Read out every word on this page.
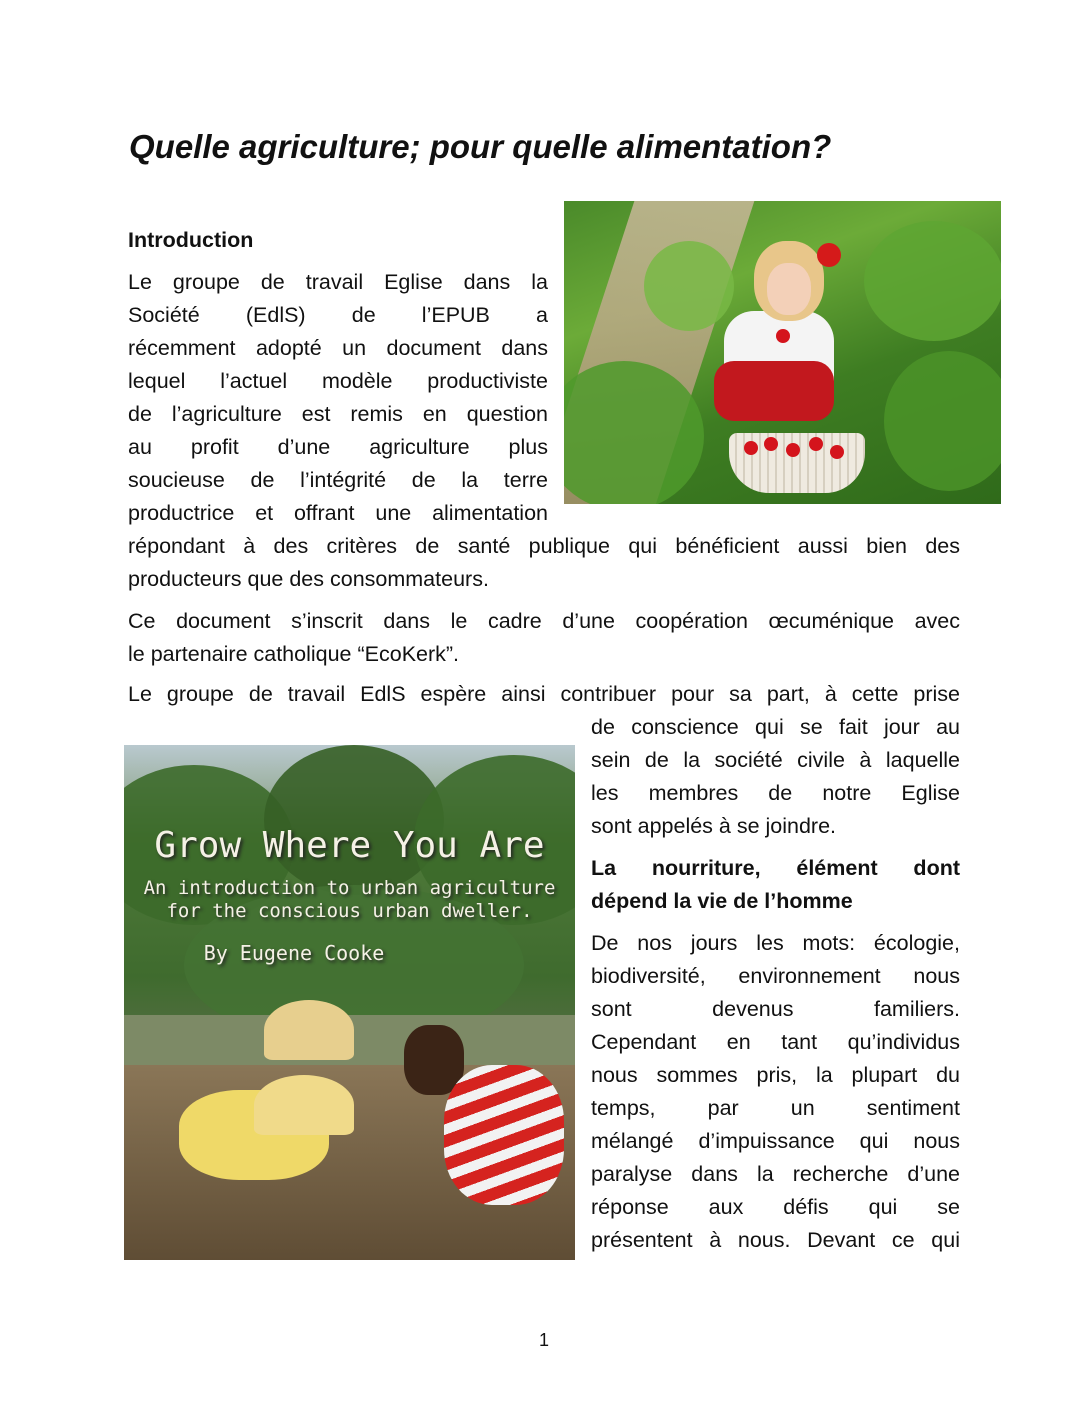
Quelle agriculture; pour quelle alimentation?
Introduction
Le groupe de travail Eglise dans la
Société (EdlS) de l’EPUB a
récemment adopté un document dans
lequel l’actuel modèle productiviste
de l’agriculture est remis en question
au profit d’une agriculture plus
soucieuse de l’intégrité de la terre
productrice et offrant une alimentation
répondant à des critères de santé publique qui bénéficient aussi bien des
producteurs que des consommateurs.
Ce document s’inscrit dans le cadre d’une coopération œcuménique avec
le partenaire catholique “EcoKerk”.
Le groupe de travail EdlS espère ainsi contribuer pour sa part, à cette prise
de conscience qui se fait jour au
sein de la société civile à laquelle
les membres de notre Eglise
sont appelés à se joindre.
La nourriture, élément dont
dépend la vie de l’homme
De nos jours les mots: écologie,
biodiversité, environnement nous
sont devenus familiers.
Cependant en tant qu’individus
nous sommes pris, la plupart du
temps, par un sentiment
mélangé d’impuissance qui nous
paralyse dans la recherche d’une
réponse aux défis qui se
présentent à nous. Devant ce qui
Grow Where You Are
An introduction to urban agriculture
for the conscious urban dweller.
By Eugene Cooke
1
